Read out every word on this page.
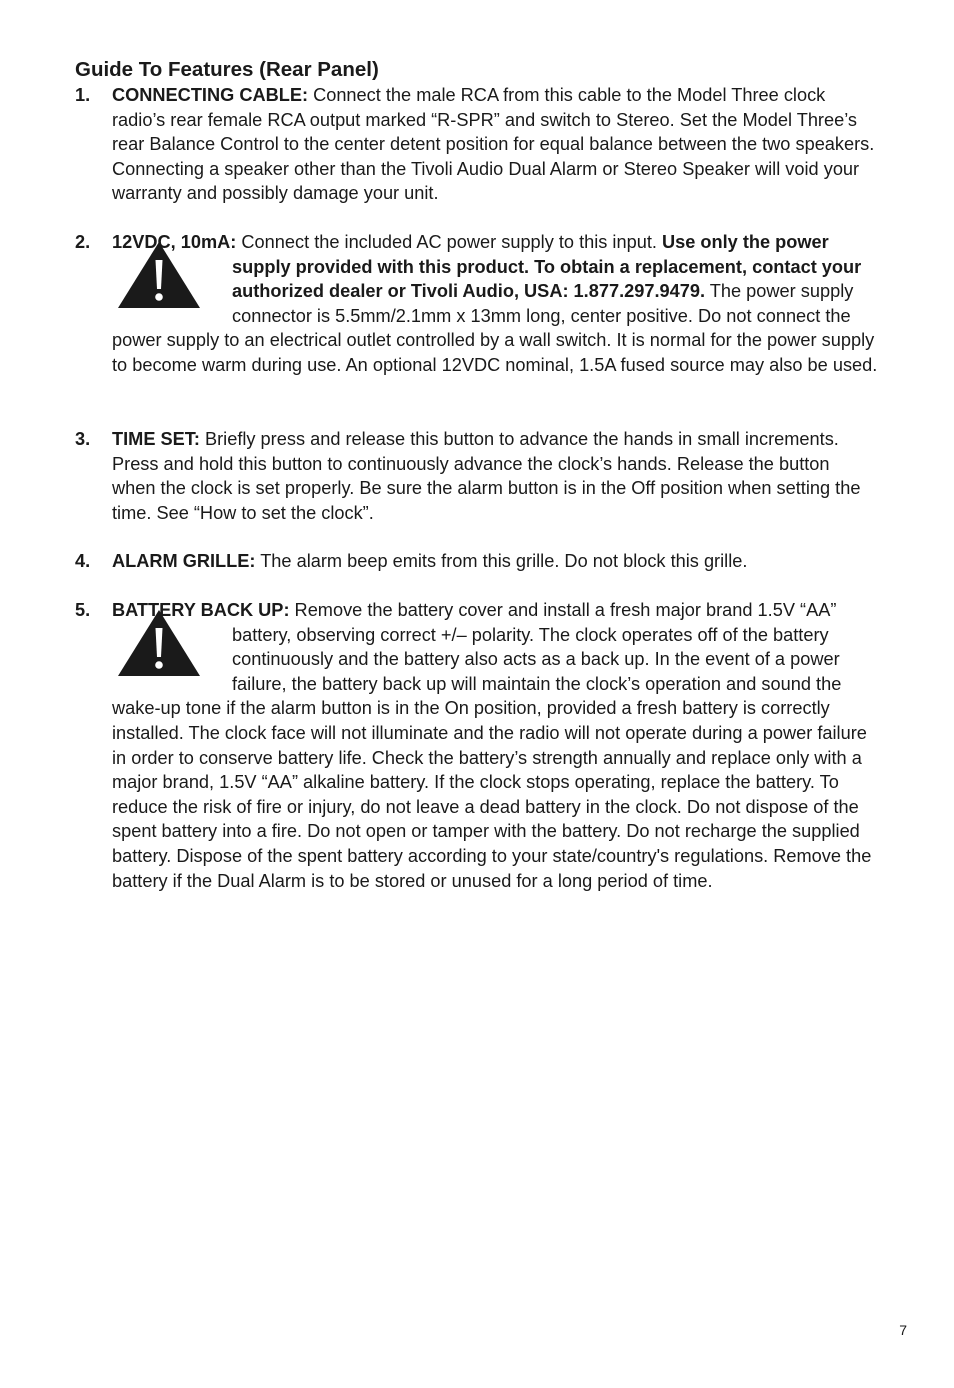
Guide To Features (Rear Panel)
1. CONNECTING CABLE: Connect the male RCA from this cable to the Model Three clock radio’s rear female RCA output marked “R-SPR” and switch to Stereo. Set the Model Three’s rear Balance Control to the center detent position for equal balance between the two speakers. Connecting a speaker other than the Tivoli Audio Dual Alarm or Stereo Speaker will void your warranty and possibly damage your unit.

2. 12VDC, 10mA: Connect the included AC power supply to this input.
Use only the power supply provided with this product. To obtain a replacement, contact your authorized dealer or Tivoli Audio, USA: 1.877.297.9479. The power supply connector is 5.5mm/2.1mm x 13mm long, center positive. Do not connect the power supply to an electrical outlet controlled by a wall switch. It is normal for the power supply to become warm during use. An optional 12VDC nominal, 1.5A fused source may also be used.

3. TIME SET: Briefly press and release this button to advance the hands in small increments. Press and hold this button to continuously advance the clock’s hands. Release the button when the clock is set properly. Be sure the alarm button is in the Off position when setting the time. See “How to set the clock”.

4. ALARM GRILLE: The alarm beep emits from this grille. Do not block this grille.

5. BATTERY BACK UP:
Remove the battery cover and install a fresh major brand 1.5V “AA” battery, observing correct +/– polarity. The clock operates off of the battery continuously and the battery also acts as a back up. In the event of a power failure, the battery back up will maintain the clock’s operation and sound the wake-up tone if the alarm button is in the On position, provided a fresh battery is correctly installed. The clock face will not illuminate and the radio will not operate during a power failure in order to conserve battery life. Check the battery’s strength annually and replace only with a major brand, 1.5V “AA” alkaline battery. If the clock stops operating, replace the battery. To reduce the risk of fire or injury, do not leave a dead battery in the clock. Do not dispose of the spent battery into a fire. Do not open or tamper with the battery. Do not recharge the supplied battery. Dispose of the spent battery according to your state/country's regulations. Remove the battery if the Dual Alarm is to be stored or unused for a long period of time.

7
